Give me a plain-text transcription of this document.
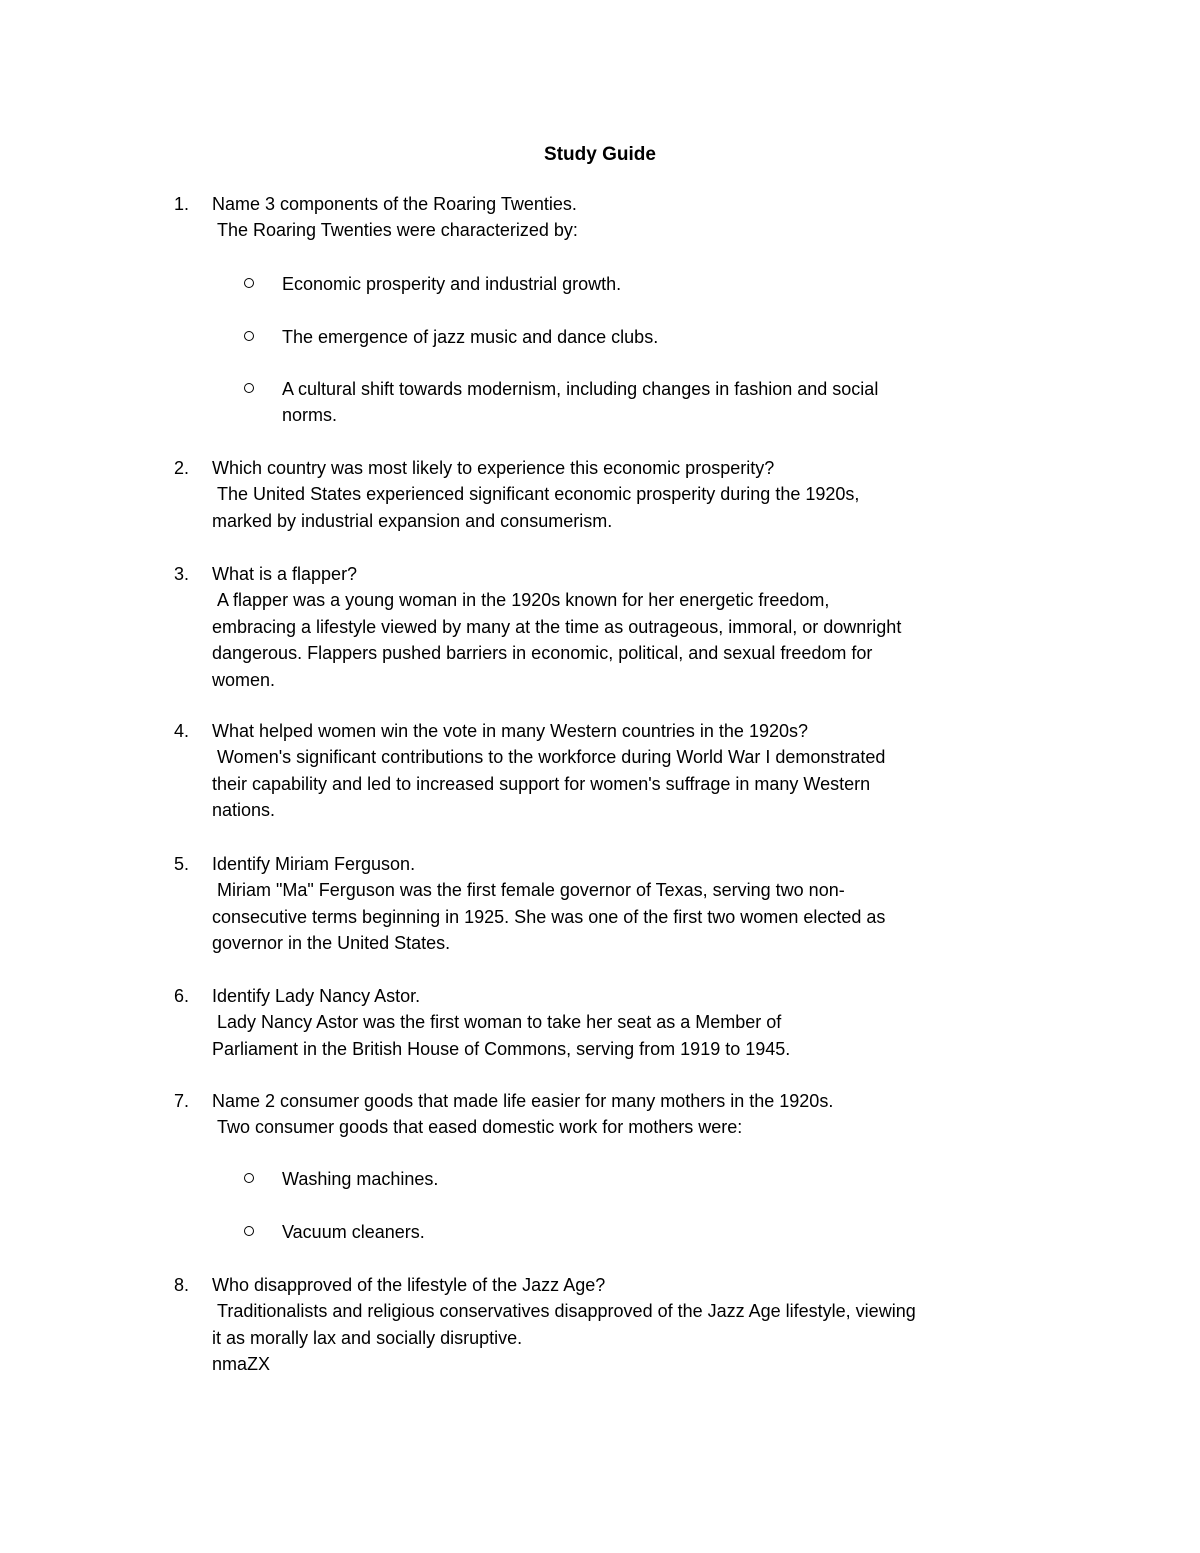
Study Guide
1. Name 3 components of the Roaring Twenties.
The Roaring Twenties were characterized by:
Economic prosperity and industrial growth.
The emergence of jazz music and dance clubs.
A cultural shift towards modernism, including changes in fashion and social norms.
2. Which country was most likely to experience this economic prosperity?
The United States experienced significant economic prosperity during the 1920s, marked by industrial expansion and consumerism.
3. What is a flapper?
A flapper was a young woman in the 1920s known for her energetic freedom, embracing a lifestyle viewed by many at the time as outrageous, immoral, or downright dangerous. Flappers pushed barriers in economic, political, and sexual freedom for women.
4. What helped women win the vote in many Western countries in the 1920s?
Women's significant contributions to the workforce during World War I demonstrated their capability and led to increased support for women's suffrage in many Western nations.
5. Identify Miriam Ferguson.
Miriam "Ma" Ferguson was the first female governor of Texas, serving two non-consecutive terms beginning in 1925. She was one of the first two women elected as governor in the United States.
6. Identify Lady Nancy Astor.
Lady Nancy Astor was the first woman to take her seat as a Member of Parliament in the British House of Commons, serving from 1919 to 1945.
7. Name 2 consumer goods that made life easier for many mothers in the 1920s.
Two consumer goods that eased domestic work for mothers were:
Washing machines.
Vacuum cleaners.
8. Who disapproved of the lifestyle of the Jazz Age?
Traditionalists and religious conservatives disapproved of the Jazz Age lifestyle, viewing it as morally lax and socially disruptive.
nmaZX
